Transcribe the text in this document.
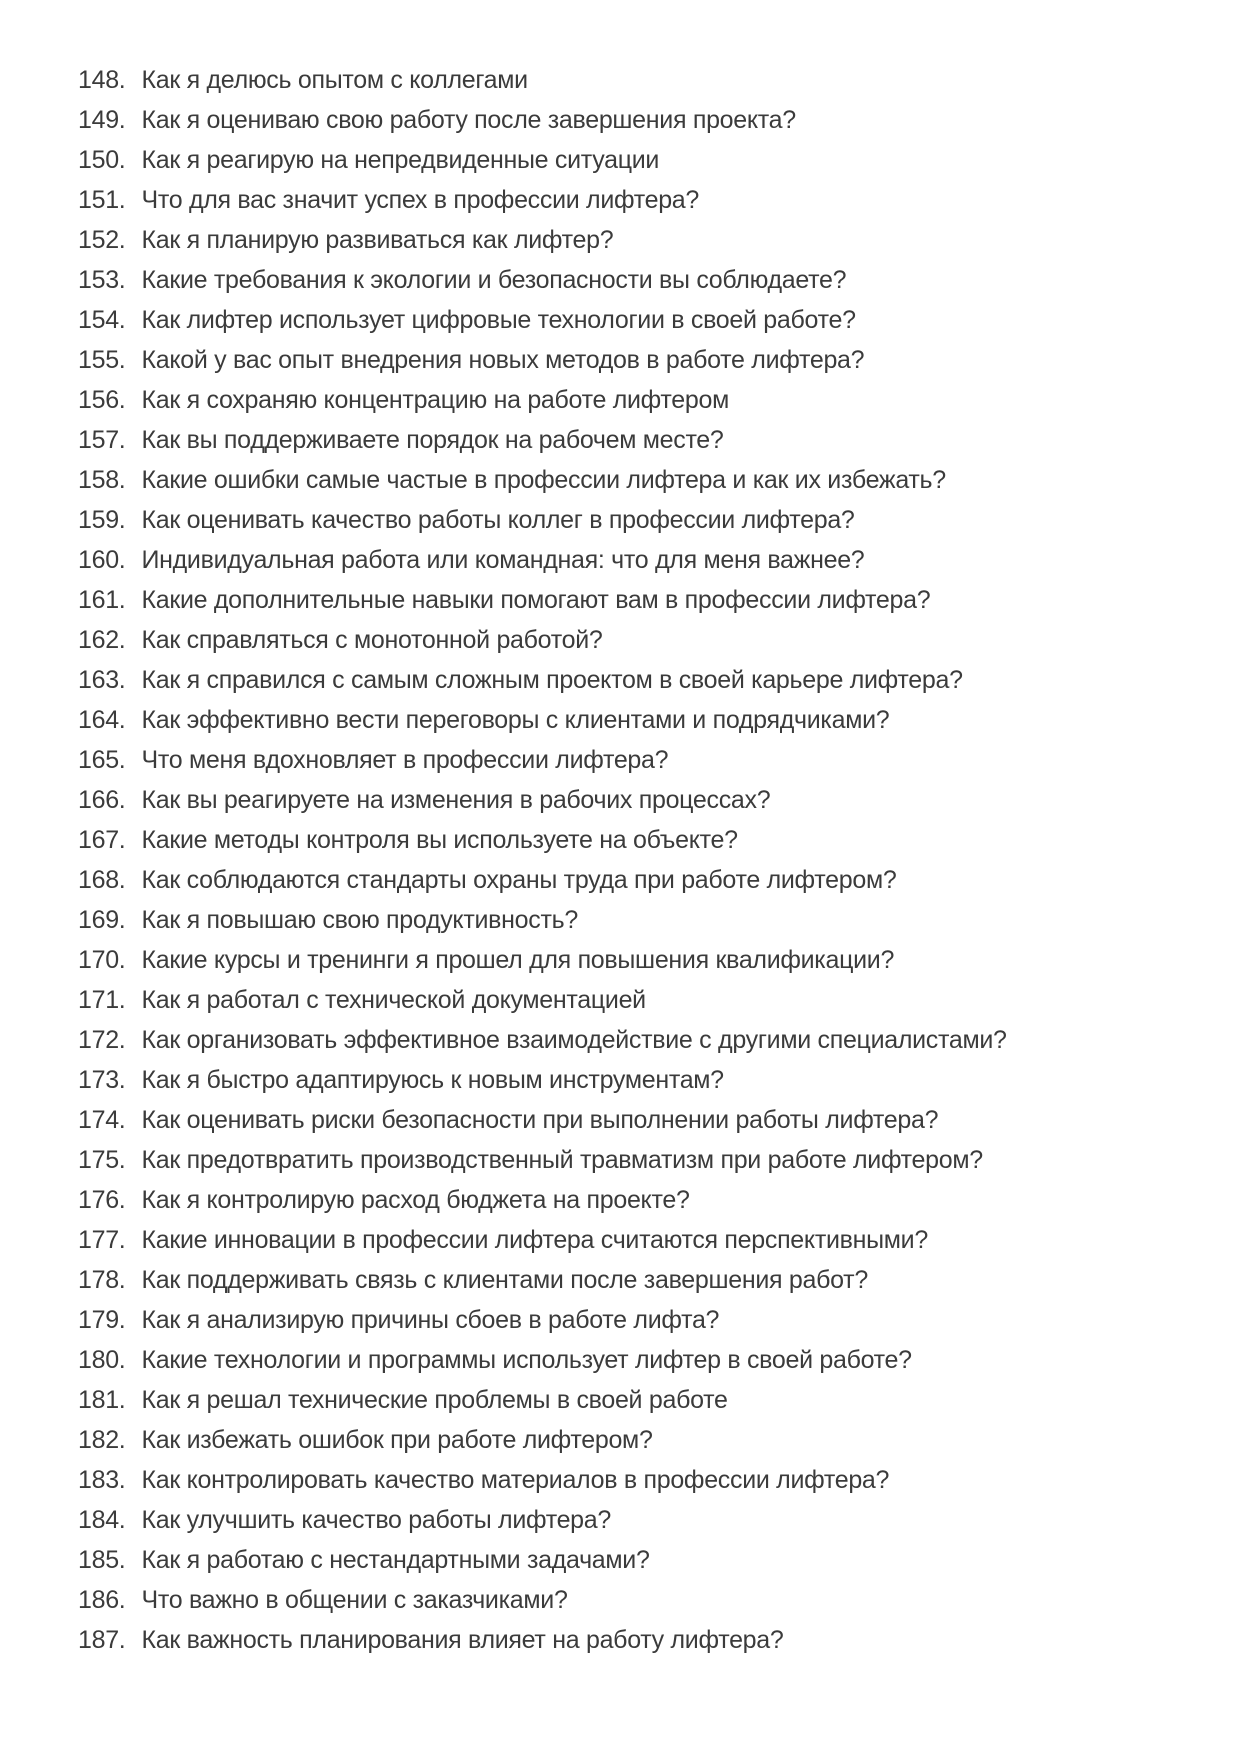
148. Как я делюсь опытом с коллегами
149. Как я оцениваю свою работу после завершения проекта?
150. Как я реагирую на непредвиденные ситуации
151. Что для вас значит успех в профессии лифтера?
152. Как я планирую развиваться как лифтер?
153. Какие требования к экологии и безопасности вы соблюдаете?
154. Как лифтер использует цифровые технологии в своей работе?
155. Какой у вас опыт внедрения новых методов в работе лифтера?
156. Как я сохраняю концентрацию на работе лифтером
157. Как вы поддерживаете порядок на рабочем месте?
158. Какие ошибки самые частые в профессии лифтера и как их избежать?
159. Как оценивать качество работы коллег в профессии лифтера?
160. Индивидуальная работа или командная: что для меня важнее?
161. Какие дополнительные навыки помогают вам в профессии лифтера?
162. Как справляться с монотонной работой?
163. Как я справился с самым сложным проектом в своей карьере лифтера?
164. Как эффективно вести переговоры с клиентами и подрядчиками?
165. Что меня вдохновляет в профессии лифтера?
166. Как вы реагируете на изменения в рабочих процессах?
167. Какие методы контроля вы используете на объекте?
168. Как соблюдаются стандарты охраны труда при работе лифтером?
169. Как я повышаю свою продуктивность?
170. Какие курсы и тренинги я прошел для повышения квалификации?
171. Как я работал с технической документацией
172. Как организовать эффективное взаимодействие с другими специалистами?
173. Как я быстро адаптируюсь к новым инструментам?
174. Как оценивать риски безопасности при выполнении работы лифтера?
175. Как предотвратить производственный травматизм при работе лифтером?
176. Как я контролирую расход бюджета на проекте?
177. Какие инновации в профессии лифтера считаются перспективными?
178. Как поддерживать связь с клиентами после завершения работ?
179. Как я анализирую причины сбоев в работе лифта?
180. Какие технологии и программы использует лифтер в своей работе?
181. Как я решал технические проблемы в своей работе
182. Как избежать ошибок при работе лифтером?
183. Как контролировать качество материалов в профессии лифтера?
184. Как улучшить качество работы лифтера?
185. Как я работаю с нестандартными задачами?
186. Что важно в общении с заказчиками?
187. Как важность планирования влияет на работу лифтера?
